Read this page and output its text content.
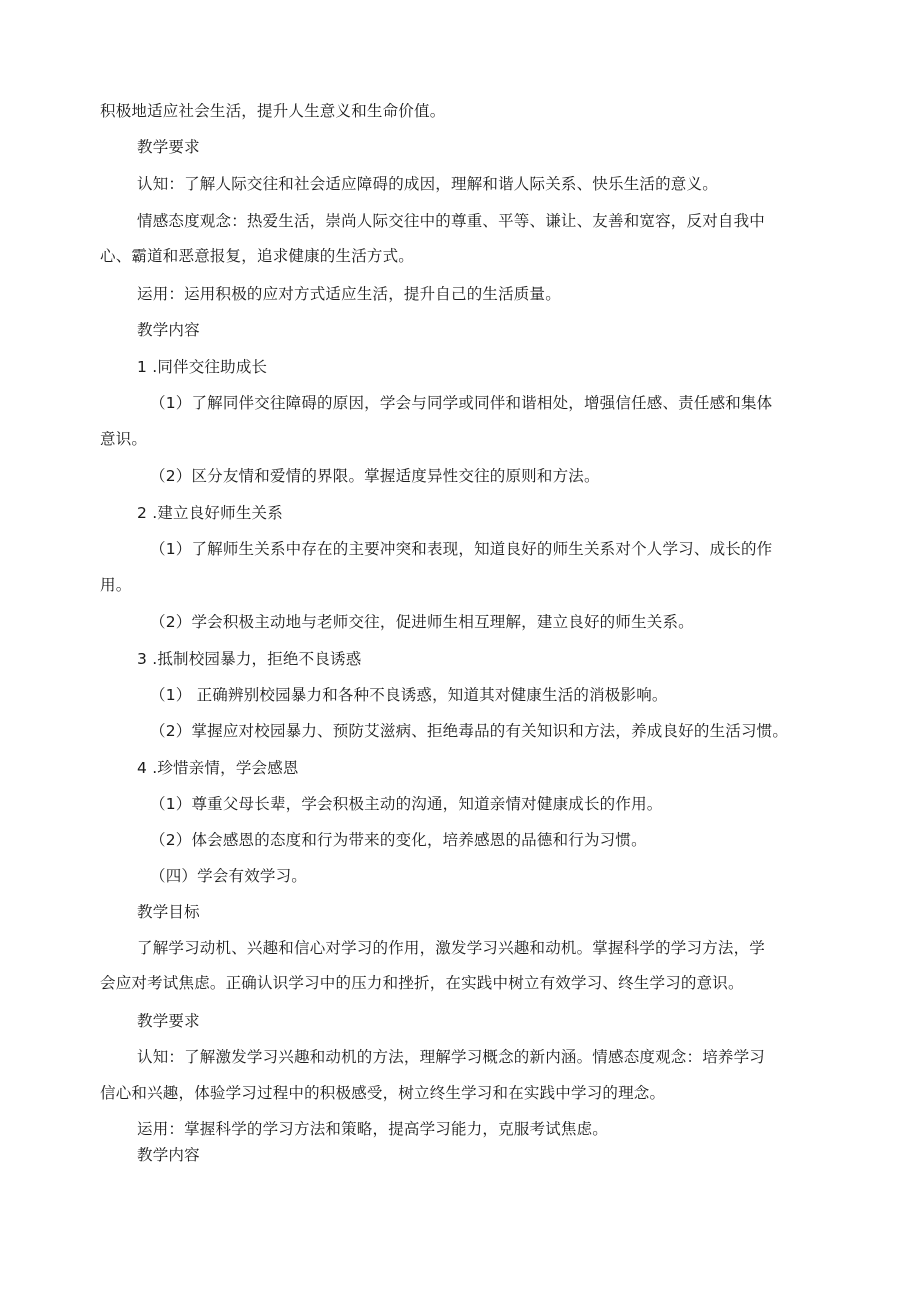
积极地适应社会生活，提升人生意义和生命价值。
教学要求
认知：了解人际交往和社会适应障碍的成因，理解和谐人际关系、快乐生活的意义。
情感态度观念：热爱生活，崇尚人际交往中的尊重、平等、谦让、友善和宽容，反对自我中
心、霸道和恶意报复，追求健康的生活方式。
运用：运用积极的应对方式适应生活，提升自己的生活质量。
教学内容
1 .同伴交往助成长
（1）了解同伴交往障碍的原因，学会与同学或同伴和谐相处，增强信任感、责任感和集体
意识。
（2）区分友情和爱情的界限。掌握适度异性交往的原则和方法。
2 .建立良好师生关系
（1）了解师生关系中存在的主要冲突和表现，知道良好的师生关系对个人学习、成长的作
用。
（2）学会积极主动地与老师交往，促进师生相互理解，建立良好的师生关系。
3 .抵制校园暴力，拒绝不良诱惑
（1） 正确辨别校园暴力和各种不良诱惑，知道其对健康生活的消极影响。
（2）掌握应对校园暴力、预防艾滋病、拒绝毒品的有关知识和方法，养成良好的生活习惯。
4 .珍惜亲情，学会感恩
（1）尊重父母长辈，学会积极主动的沟通，知道亲情对健康成长的作用。
（2）体会感恩的态度和行为带来的变化，培养感恩的品德和行为习惯。
（四）学会有效学习。
教学目标
了解学习动机、兴趣和信心对学习的作用，激发学习兴趣和动机。掌握科学的学习方法，学
会应对考试焦虑。正确认识学习中的压力和挫折，在实践中树立有效学习、终生学习的意识。
教学要求
认知：了解激发学习兴趣和动机的方法，理解学习概念的新内涵。情感态度观念：培养学习
信心和兴趣，体验学习过程中的积极感受，树立终生学习和在实践中学习的理念。
运用：掌握科学的学习方法和策略，提高学习能力，克服考试焦虑。
教学内容
